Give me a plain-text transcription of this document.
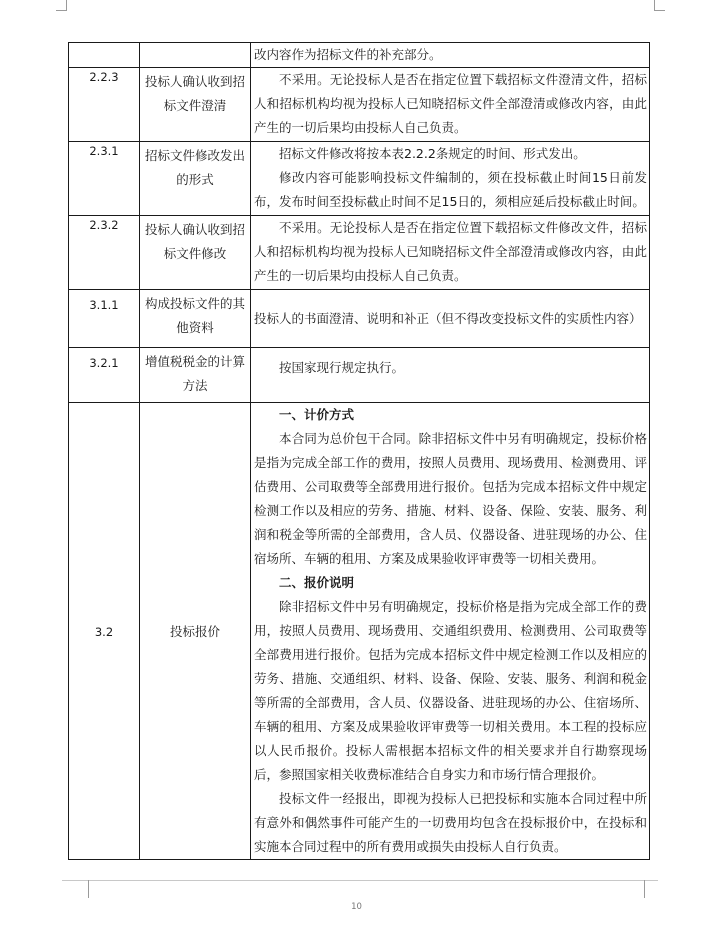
		改内容作为招标文件的补充部分。

2.2.3	投标人确认收到招标文件澄清	不采用。无论投标人是否在指定位置下载招标文件澄清文件，招标人和招标机构均视为投标人已知晓招标文件全部澄清或修改内容，由此产生的一切后果均由投标人自己负责。

2.3.1	招标文件修改发出的形式	招标文件修改将按本表2.2.2条规定的时间、形式发出。

修改内容可能影响投标文件编制的，须在投标截止时间15日前发布，发布时间至投标截止时间不足15日的，须相应延后投标截止时间。

2.3.2	投标人确认收到招标文件修改	不采用。无论投标人是否在指定位置下载招标文件修改文件，招标人和招标机构均视为投标人已知晓招标文件全部澄清或修改内容，由此产生的一切后果均由投标人自己负责。

3.1.1	构成投标文件的其他资料	投标人的书面澄清、说明和补正（但不得改变投标文件的实质性内容）

3.2.1	增值税税金的计算方法	按国家现行规定执行。

3.2	投标报价	一、计价方式

本合同为总价包干合同。除非招标文件中另有明确规定，投标价格是指为完成全部工作的费用，按照人员费用、现场费用、检测费用、评估费用、公司取费等全部费用进行报价。包括为完成本招标文件中规定检测工作以及相应的劳务、措施、材料、设备、保险、安装、服务、利润和税金等所需的全部费用，含人员、仪器设备、进驻现场的办公、住宿场所、车辆的租用、方案及成果验收评审费等一切相关费用。

二、报价说明

除非招标文件中另有明确规定，投标价格是指为完成全部工作的费用，按照人员费用、现场费用、交通组织费用、检测费用、公司取费等全部费用进行报价。包括为完成本招标文件中规定检测工作以及相应的劳务、措施、交通组织、材料、设备、保险、安装、服务、利润和税金等所需的全部费用，含人员、仪器设备、进驻现场的办公、住宿场所、车辆的租用、方案及成果验收评审费等一切相关费用。本工程的投标应以人民币报价。投标人需根据本招标文件的相关要求并自行勘察现场后，参照国家相关收费标准结合自身实力和市场行情合理报价。

投标文件一经报出，即视为投标人已把投标和实施本合同过程中所有意外和偶然事件可能产生的一切费用均包含在投标报价中，在投标和实施本合同过程中的所有费用或损失由投标人自行负责。

10
